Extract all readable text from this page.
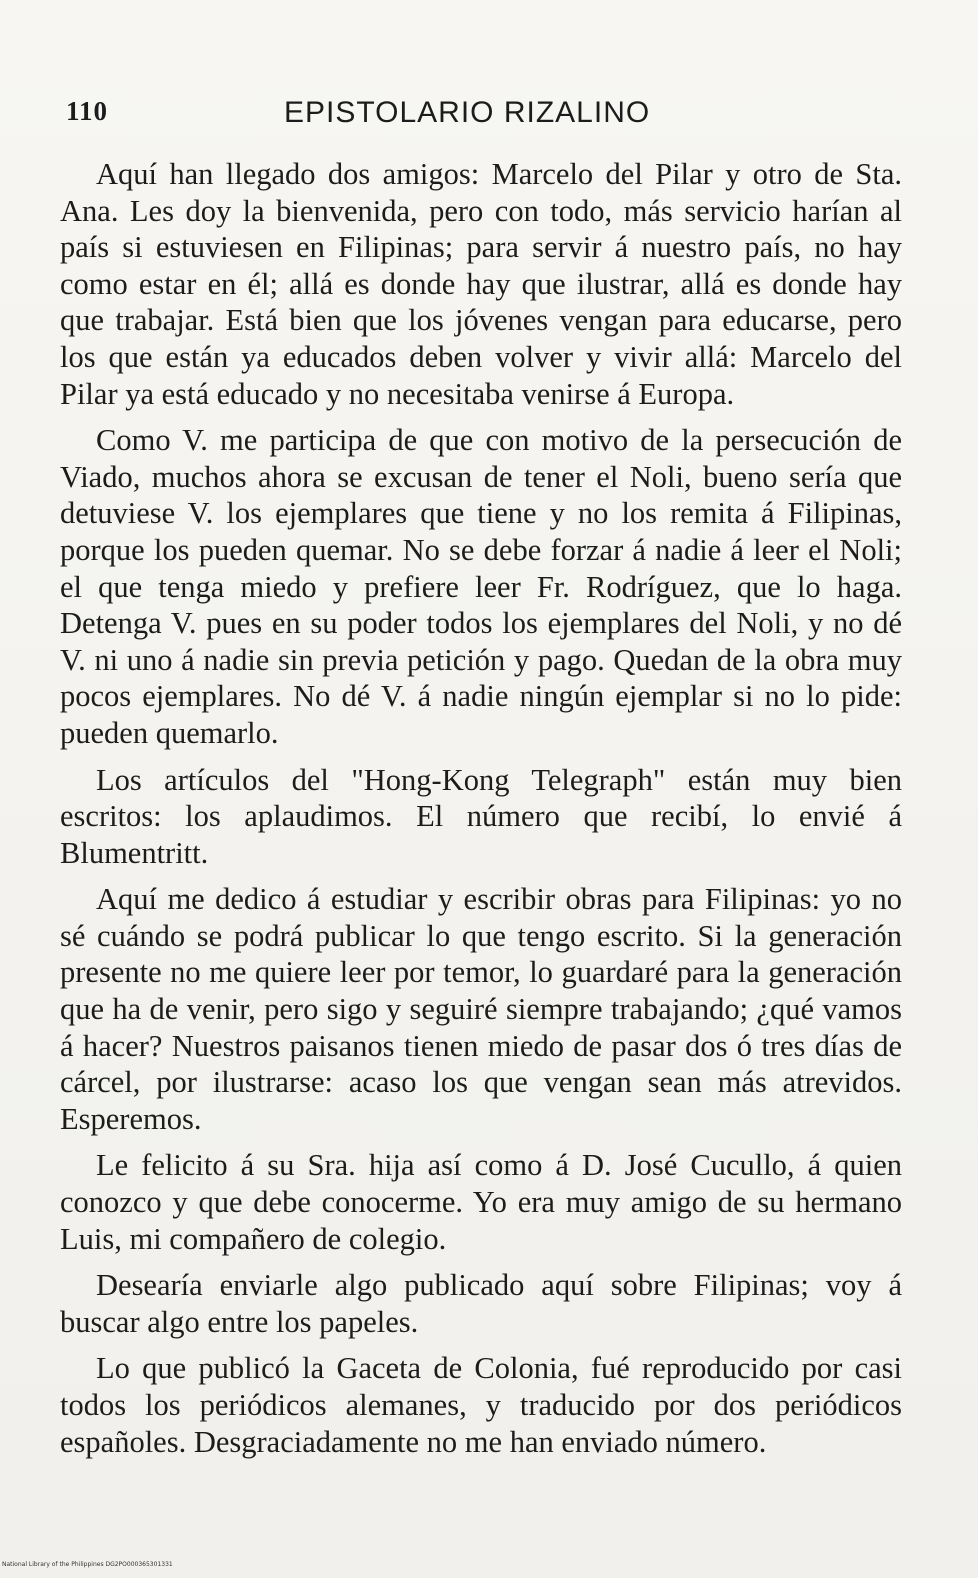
110	EPISTOLARIO RIZALINO

Aquí han llegado dos amigos: Marcelo del Pilar y otro de Sta. Ana. Les doy la bienvenida, pero con todo, más servicio harían al país si estuviesen en Filipinas; para servir á nuestro país, no hay como estar en él; allá es donde hay que ilustrar, allá es donde hay que trabajar. Está bien que los jóvenes vengan para educarse, pero los que están ya educados deben volver y vivir allá: Marcelo del Pilar ya está educado y no necesitaba venirse á Europa.

Como V. me participa de que con motivo de la persecución de Viado, muchos ahora se excusan de tener el Noli, bueno sería que detuviese V. los ejemplares que tiene y no los remita á Filipinas, porque los pueden quemar. No se debe forzar á nadie á leer el Noli; el que tenga miedo y prefiere leer Fr. Rodríguez, que lo haga. Detenga V. pues en su poder todos los ejemplares del Noli, y no dé V. ni uno á nadie sin previa petición y pago. Quedan de la obra muy pocos ejemplares. No dé V. á nadie ningún ejemplar si no lo pide: pueden quemarlo.

Los artículos del "Hong-Kong Telegraph" están muy bien escritos: los aplaudimos. El número que recibí, lo envié á Blumentritt.

Aquí me dedico á estudiar y escribir obras para Filipinas: yo no sé cuándo se podrá publicar lo que tengo escrito. Si la generación presente no me quiere leer por temor, lo guardaré para la generación que ha de venir, pero sigo y seguiré siempre trabajando; ¿qué vamos á hacer? Nuestros paisanos tienen miedo de pasar dos ó tres días de cárcel, por ilustrarse: acaso los que vengan sean más atrevidos. Esperemos.

Le felicito á su Sra. hija así como á D. José Cucullo, á quien conozco y que debe conocerme. Yo era muy amigo de su hermano Luis, mi compañero de colegio.

Desearía enviarle algo publicado aquí sobre Filipinas; voy á buscar algo entre los papeles.

Lo que publicó la Gaceta de Colonia, fué reproducido por casi todos los periódicos alemanes, y traducido por dos periódicos españoles. Desgraciadamente no me han enviado número.

National Library of the Philippines DG2PO000365301331
